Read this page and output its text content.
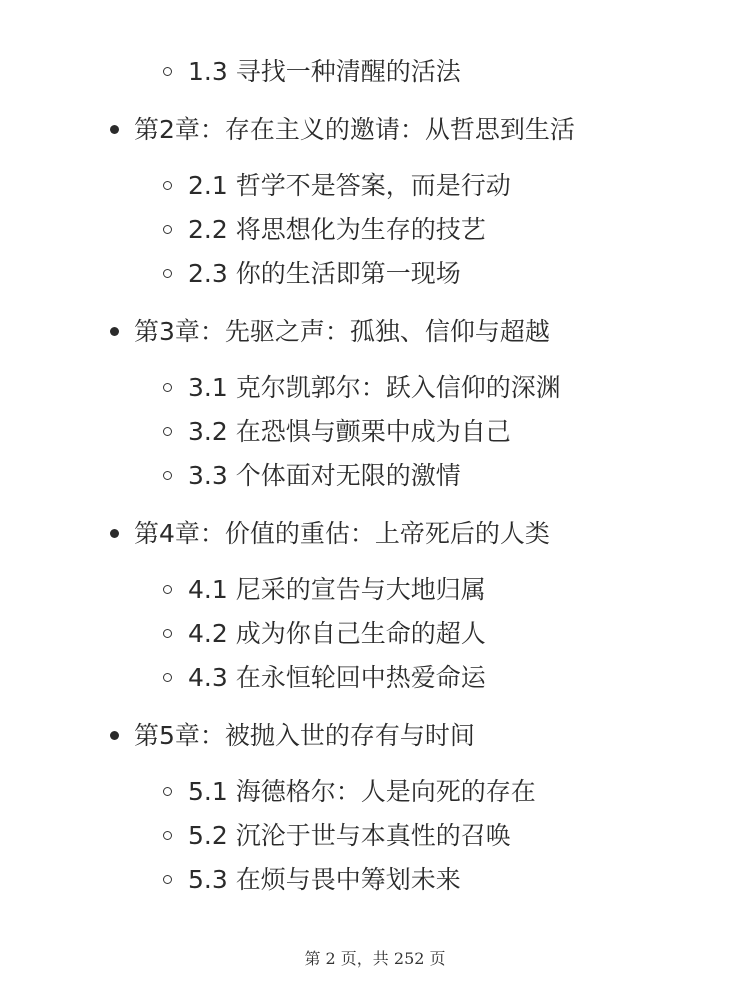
1.3 寻找一种清醒的活法
第2章：存在主义的邀请：从哲思到生活
2.1 哲学不是答案，而是行动
2.2 将思想化为生存的技艺
2.3 你的生活即第一现场
第3章：先驱之声：孤独、信仰与超越
3.1 克尔凯郭尔：跃入信仰的深渊
3.2 在恐惧与颤栗中成为自己
3.3 个体面对无限的激情
第4章：价值的重估：上帝死后的人类
4.1 尼采的宣告与大地归属
4.2 成为你自己生命的超人
4.3 在永恒轮回中热爱命运
第5章：被抛入世的存有与时间
5.1 海德格尔：人是向死的存在
5.2 沉沦于世与本真性的召唤
5.3 在烦与畏中筹划未来
第 2 页，共 252 页
